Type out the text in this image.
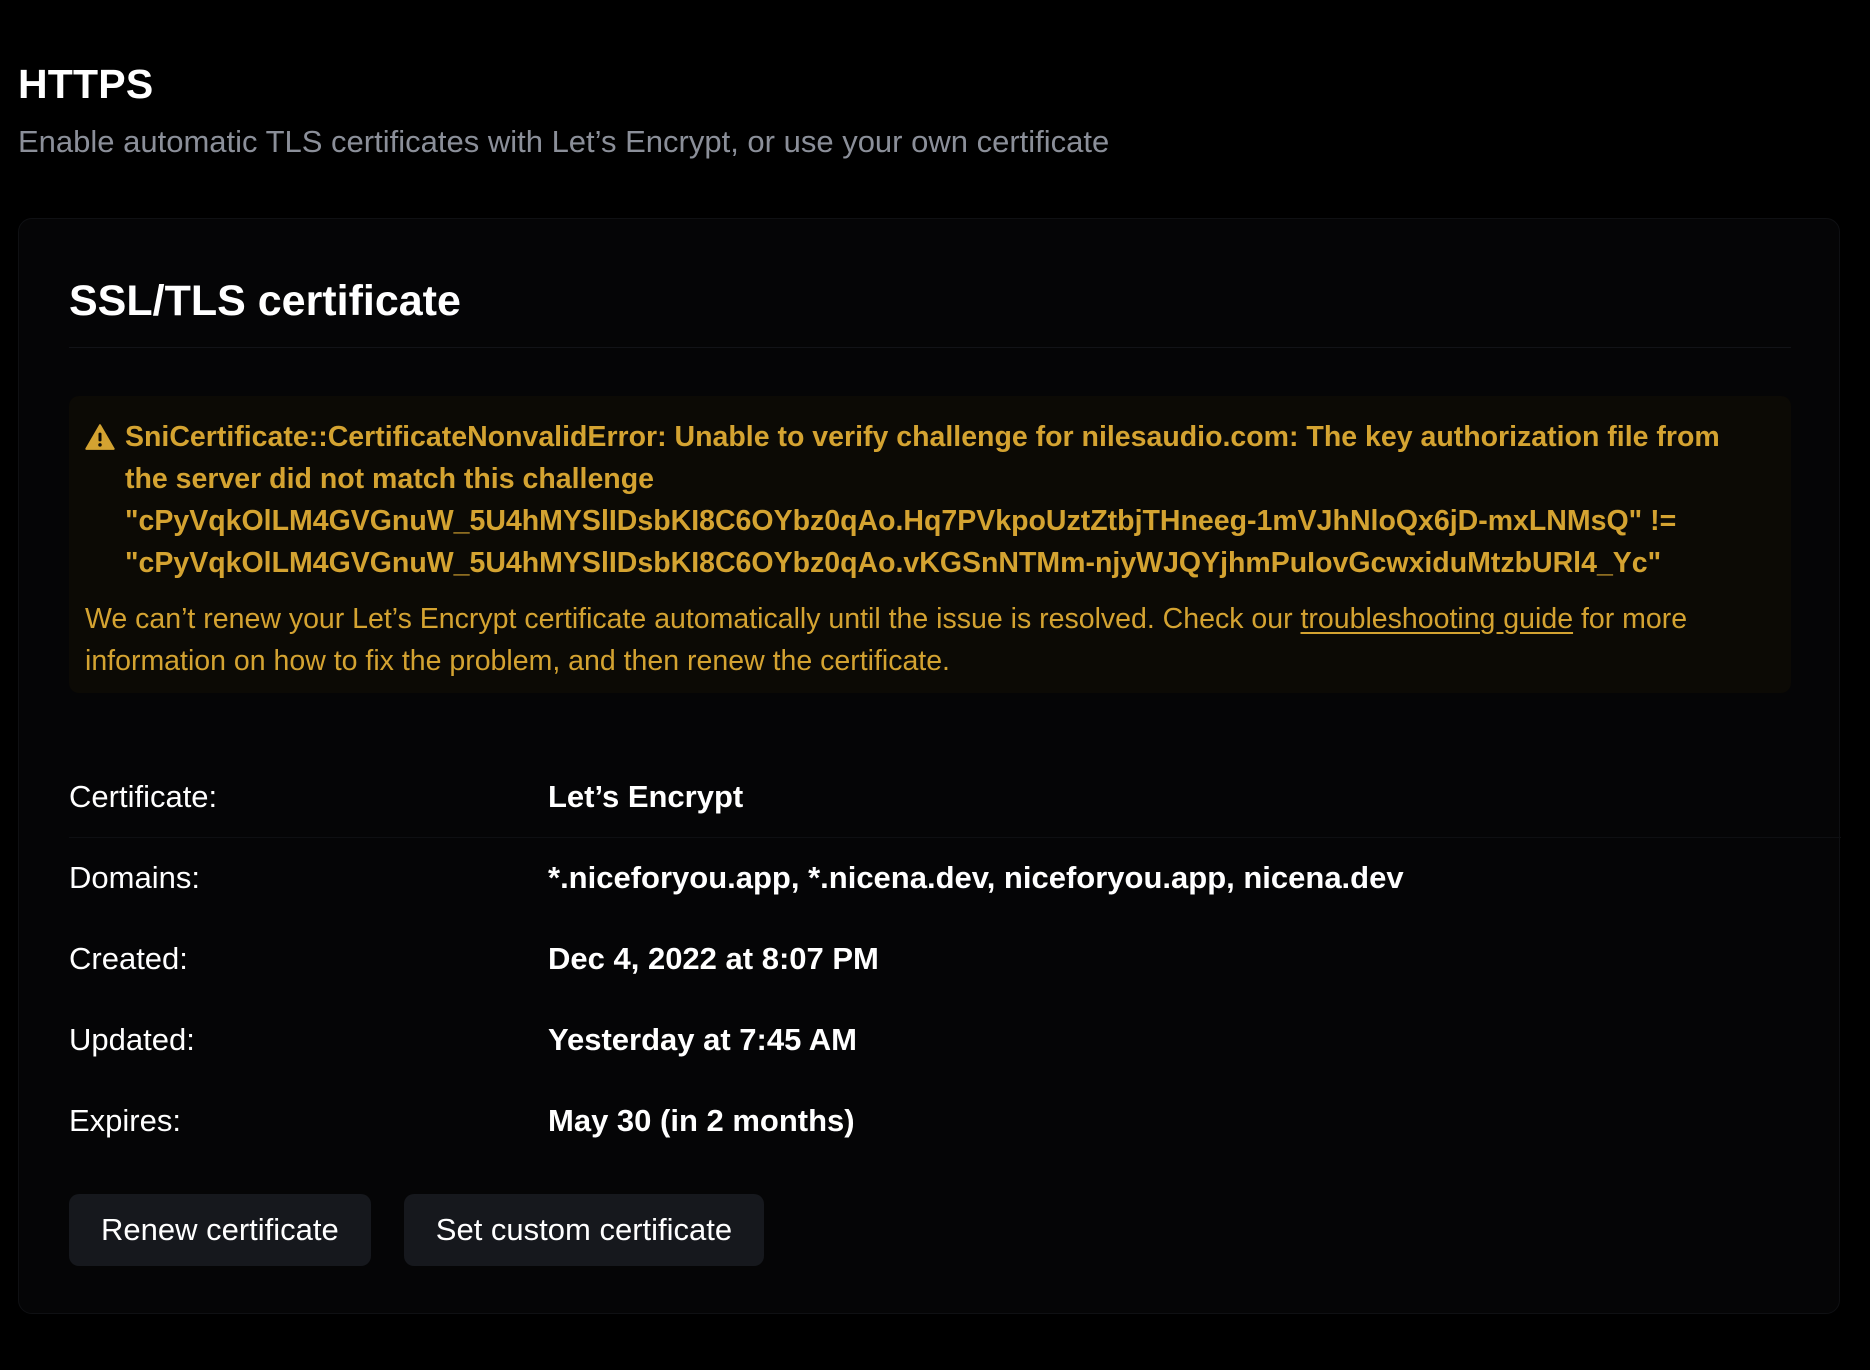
HTTPS
Enable automatic TLS certificates with Let’s Encrypt, or use your own certificate
SSL/TLS certificate
SniCertificate::CertificateNonvalidError: Unable to verify challenge for nilesaudio.com: The key authorization file from
the server did not match this challenge
"cPyVqkOlLM4GVGnuW_5U4hMYSlIDsbKI8C6OYbz0qAo.Hq7PVkpoUztZtbjTHneeg-1mVJhNloQx6jD-mxLNMsQ" !=
"cPyVqkOlLM4GVGnuW_5U4hMYSlIDsbKI8C6OYbz0qAo.vKGSnNTMm-njyWJQYjhmPuIovGcwxiduMtzbURl4_Yc"
We can’t renew your Let’s Encrypt certificate automatically until the issue is resolved. Check our troubleshooting guide for more information on how to fix the problem, and then renew the certificate.
Certificate:	Let’s Encrypt
Domains:	*.niceforyou.app, *.nicena.dev, niceforyou.app, nicena.dev
Created:	Dec 4, 2022 at 8:07 PM
Updated:	Yesterday at 7:45 AM
Expires:	May 30 (in 2 months)
Renew certificate	Set custom certificate
